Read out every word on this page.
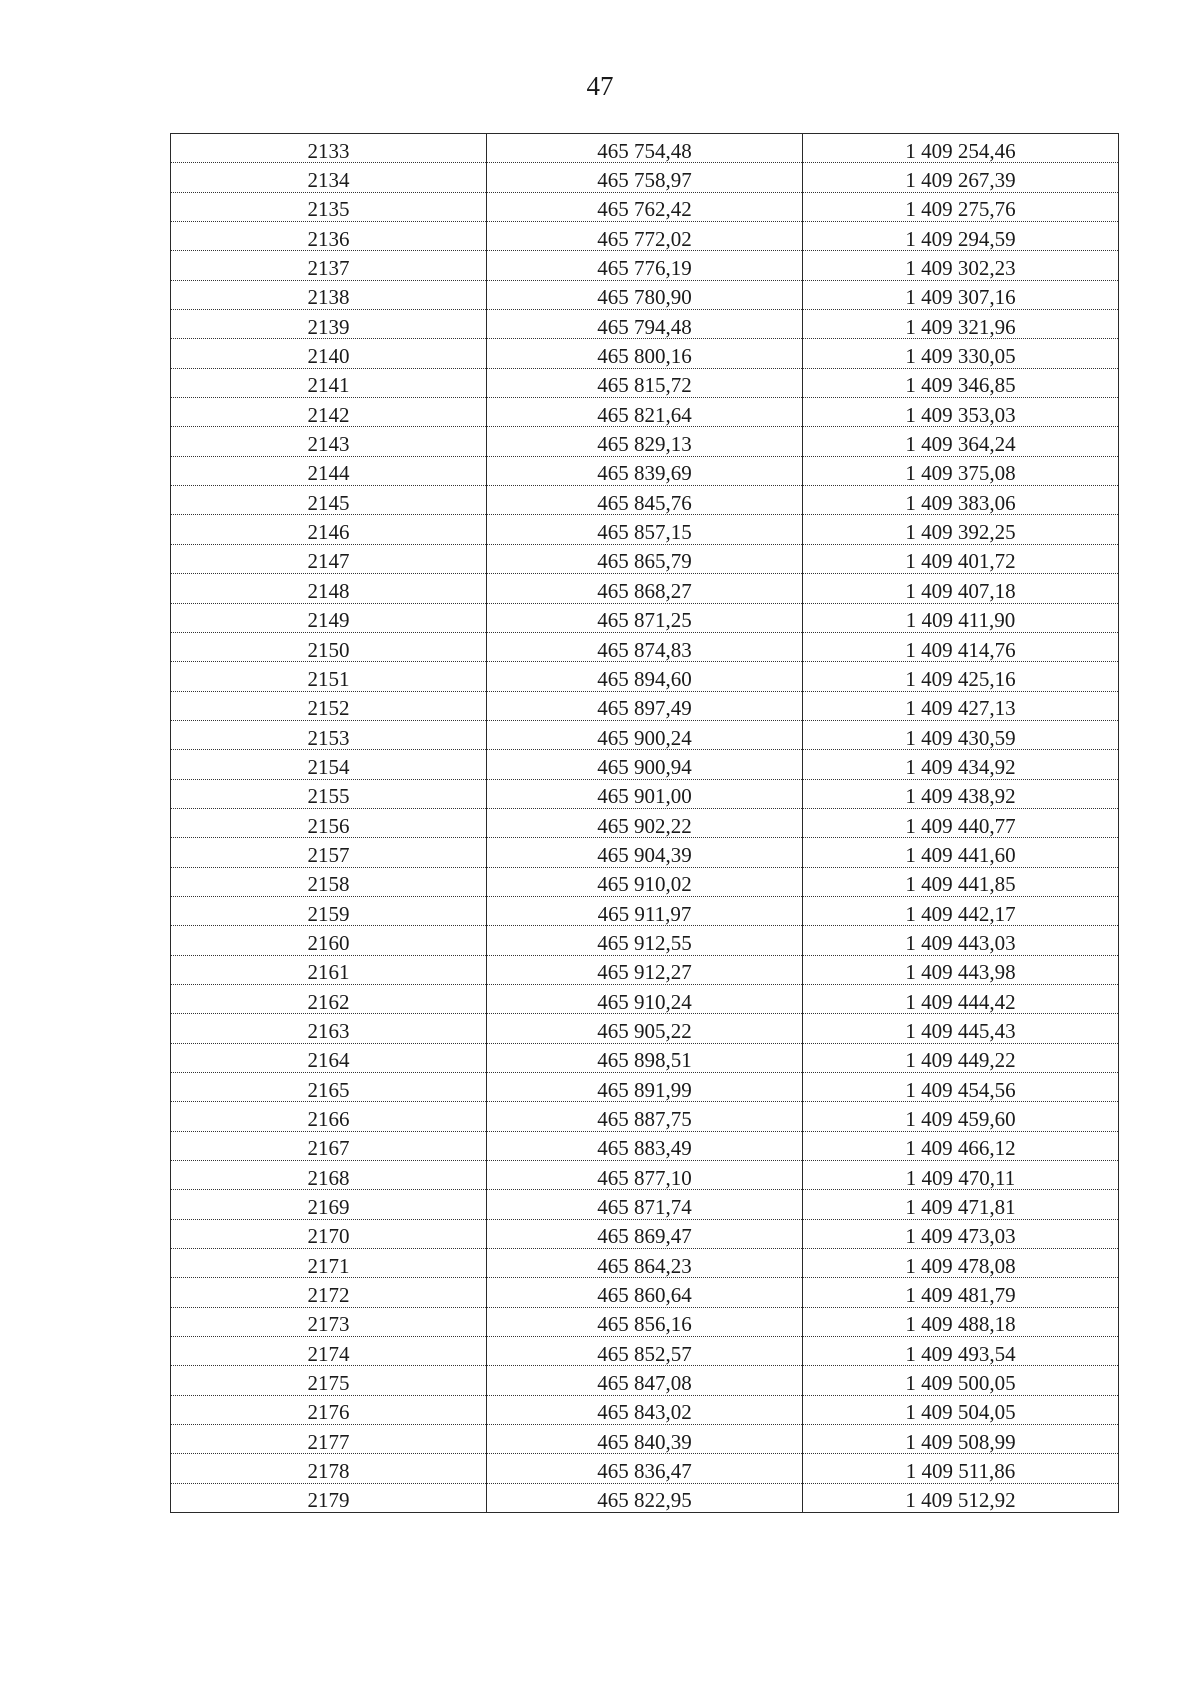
47
2133	465 754,48	1 409 254,46
2134	465 758,97	1 409 267,39
2135	465 762,42	1 409 275,76
2136	465 772,02	1 409 294,59
2137	465 776,19	1 409 302,23
2138	465 780,90	1 409 307,16
2139	465 794,48	1 409 321,96
2140	465 800,16	1 409 330,05
2141	465 815,72	1 409 346,85
2142	465 821,64	1 409 353,03
2143	465 829,13	1 409 364,24
2144	465 839,69	1 409 375,08
2145	465 845,76	1 409 383,06
2146	465 857,15	1 409 392,25
2147	465 865,79	1 409 401,72
2148	465 868,27	1 409 407,18
2149	465 871,25	1 409 411,90
2150	465 874,83	1 409 414,76
2151	465 894,60	1 409 425,16
2152	465 897,49	1 409 427,13
2153	465 900,24	1 409 430,59
2154	465 900,94	1 409 434,92
2155	465 901,00	1 409 438,92
2156	465 902,22	1 409 440,77
2157	465 904,39	1 409 441,60
2158	465 910,02	1 409 441,85
2159	465 911,97	1 409 442,17
2160	465 912,55	1 409 443,03
2161	465 912,27	1 409 443,98
2162	465 910,24	1 409 444,42
2163	465 905,22	1 409 445,43
2164	465 898,51	1 409 449,22
2165	465 891,99	1 409 454,56
2166	465 887,75	1 409 459,60
2167	465 883,49	1 409 466,12
2168	465 877,10	1 409 470,11
2169	465 871,74	1 409 471,81
2170	465 869,47	1 409 473,03
2171	465 864,23	1 409 478,08
2172	465 860,64	1 409 481,79
2173	465 856,16	1 409 488,18
2174	465 852,57	1 409 493,54
2175	465 847,08	1 409 500,05
2176	465 843,02	1 409 504,05
2177	465 840,39	1 409 508,99
2178	465 836,47	1 409 511,86
2179	465 822,95	1 409 512,92
